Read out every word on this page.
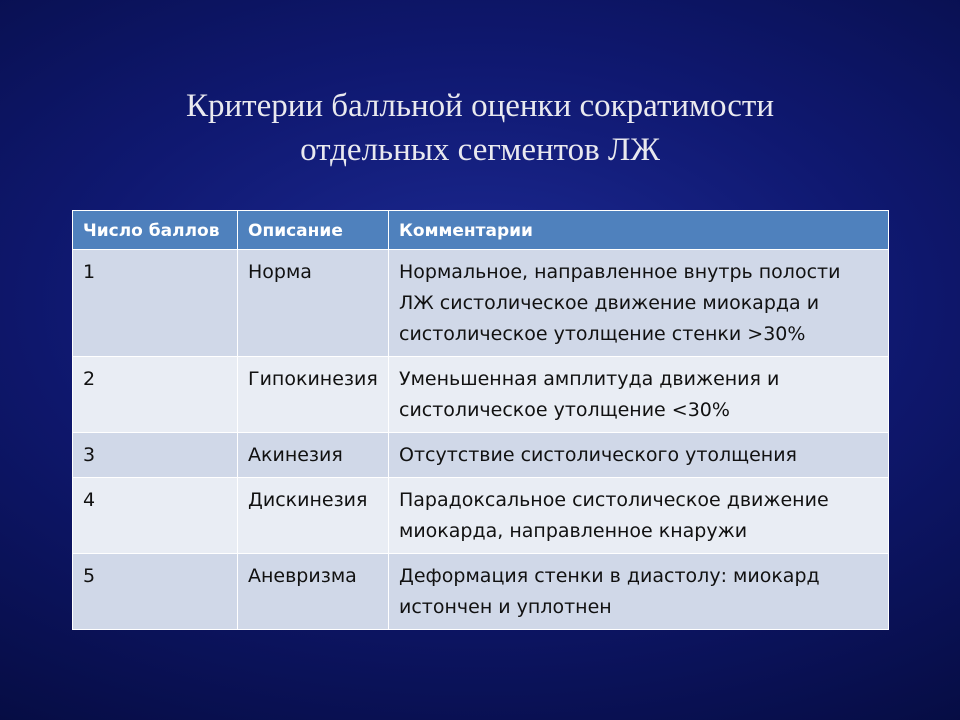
Критерии балльной оценки сократимости
отдельных сегментов ЛЖ
Число баллов	Описание	Комментарии
1	Норма	Нормальное, направленное внутрь полости ЛЖ систолическое движение миокарда и систолическое утолщение стенки >30%
2	Гипокинезия	Уменьшенная амплитуда движения и систолическое утолщение <30%
3	Акинезия	Отсутствие систолического утолщения
4	Дискинезия	Парадоксальное систолическое движение миокарда, направленное кнаружи
5	Аневризма	Деформация стенки в диастолу: миокард истончен и уплотнен
